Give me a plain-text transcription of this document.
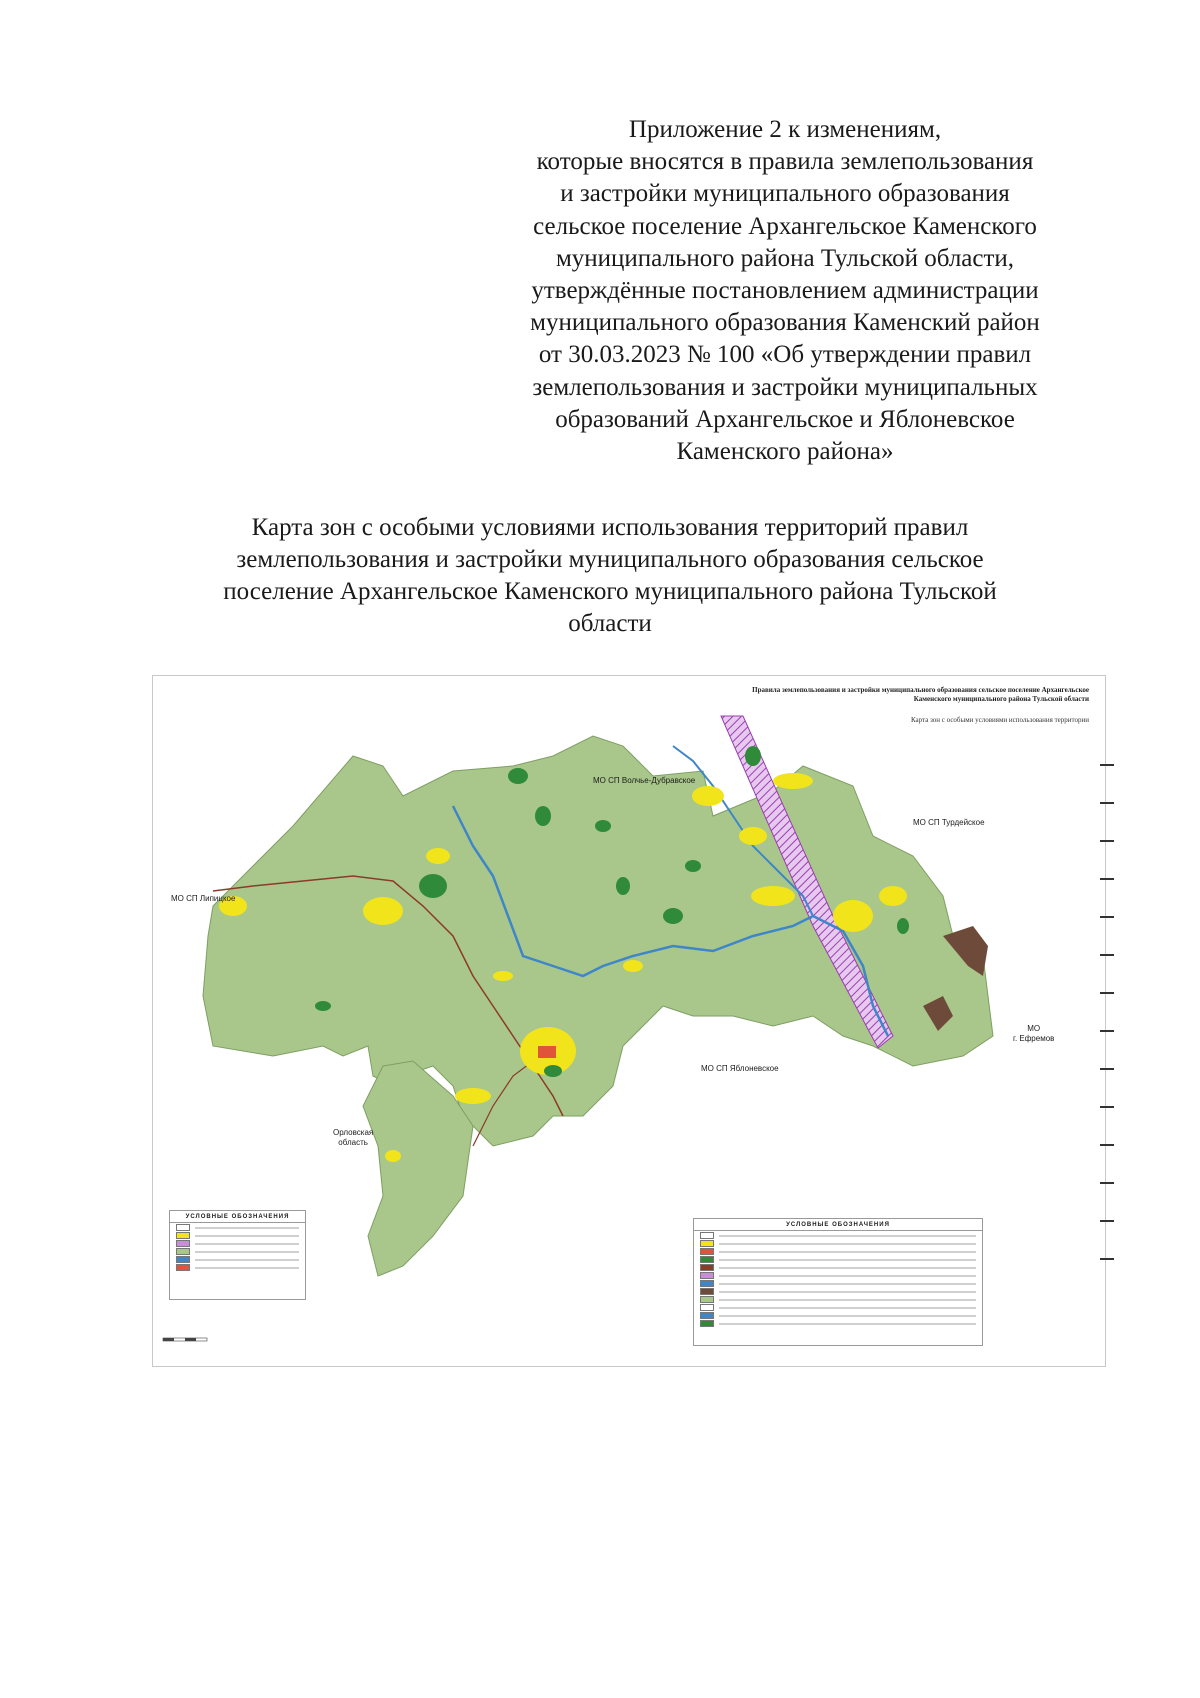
Приложение 2 к изменениям,
которые вносятся в правила землепользования
и застройки муниципального образования
сельское поселение Архангельское Каменского
муниципального района Тульской области,
утверждённые постановлением администрации
муниципального образования Каменский район
от 30.03.2023 № 100 «Об утверждении правил
землепользования и застройки муниципальных
образований Архангельское и Яблоневское
Каменского района»
Карта зон с особыми условиями использования территорий правил
землепользования и застройки муниципального образования сельское
поселение Архангельское Каменского муниципального района Тульской
области
Правила землепользования и застройки муниципального образования сельское поселение Архангельское
Каменского муниципального района Тульской области
Карта зон с особыми условиями использования территории
МО СП Волчье-Дубравское
МО СП Турдейское
МО СП Липицкое
МО
г. Ефремов
МО СП Яблоневское
Орловская
область
УСЛОВНЫЕ ОБОЗНАЧЕНИЯ
УСЛОВНЫЕ ОБОЗНАЧЕНИЯ
